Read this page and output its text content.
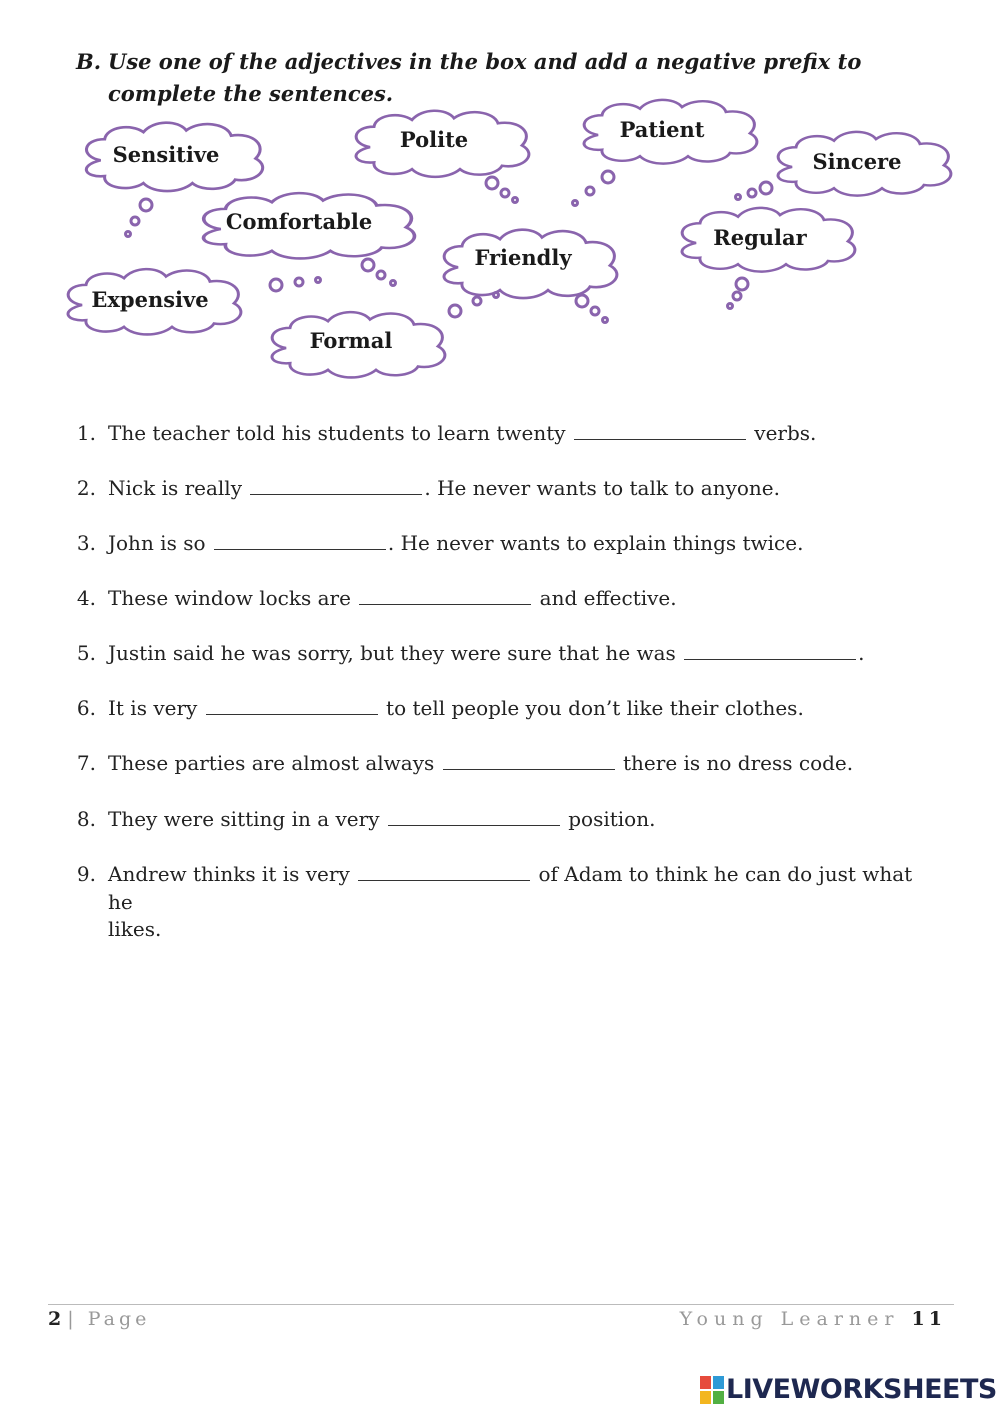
B. Use one of the adjectives in the box and add a negative prefix to complete the sentences.
Sensitive
Polite	Patient
Sincere
Comfortable
Friendly
Regular
Expensive
Formal
1. The teacher told his students to learn twenty	verbs.
2. Nick is really	. He never wants to talk to anyone.
3. John is so	. He never wants to explain things twice.
4. These window locks are	and effective.
5. Justin said he was sorry, but they were sure that he was	.
6. It is very	to tell people you don’t like their clothes.
7. These parties are almost always	there is no dress code.
8. They were sitting in a very	position.
9. Andrew thinks it is very	of Adam to think he can do just what he
likes.
2 | Page	Young Learner 11
LIVEWORKSHEETS
